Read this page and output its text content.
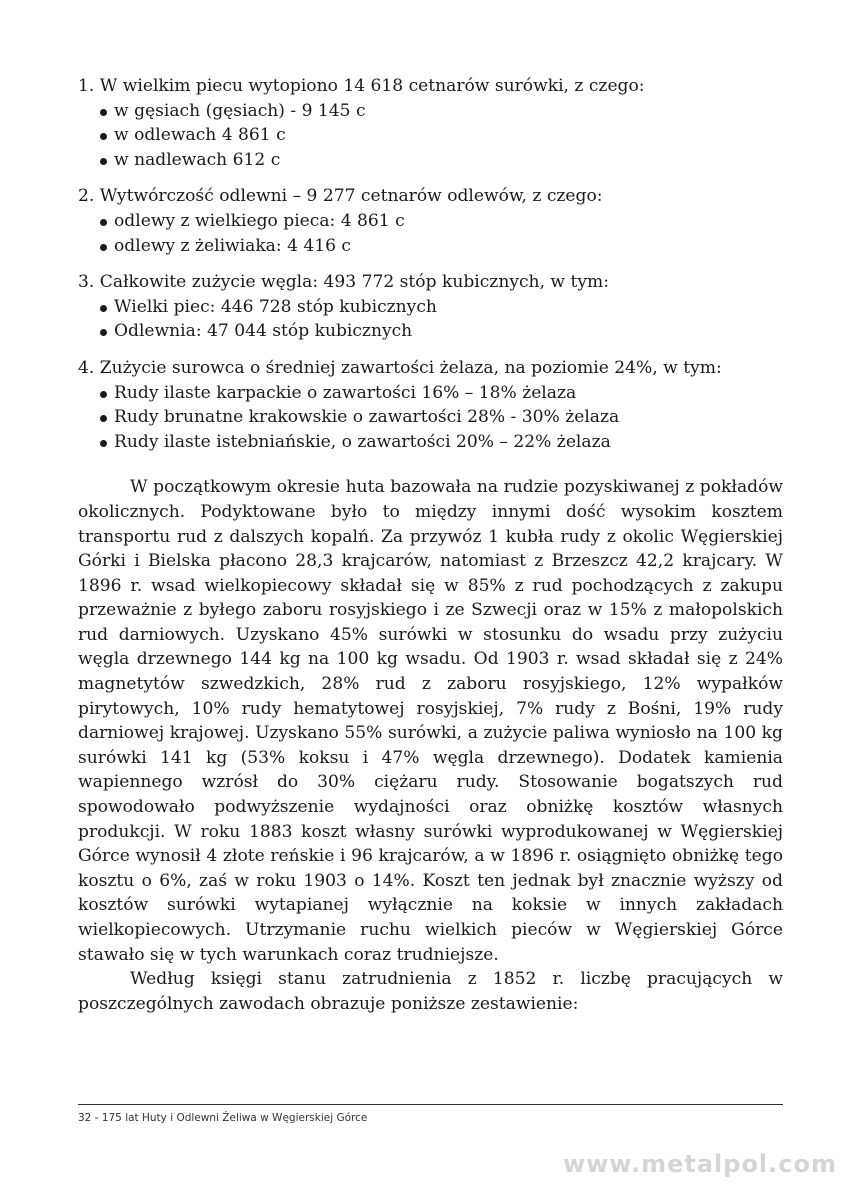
1. W wielkim piecu wytopiono 14 618 cetnarów surówki, z czego:

w gęsiach (gęsiach) - 9 145 c
w odlewach 4 861 c
w nadlewach 612 c

2. Wytwórczość odlewni – 9 277 cetnarów odlewów, z czego:

odlewy z wielkiego pieca: 4 861 c
odlewy z żeliwiaka: 4 416 c

3. Całkowite zużycie węgla: 493 772 stóp kubicznych, w tym:

Wielki piec: 446 728 stóp kubicznych
Odlewnia: 47 044 stóp kubicznych

4. Zużycie surowca o średniej zawartości żelaza, na poziomie 24%, w tym:

Rudy ilaste karpackie o zawartości 16% – 18% żelaza
Rudy brunatne krakowskie o zawartości 28% - 30% żelaza
Rudy ilaste istebniańskie, o zawartości 20% – 22% żelaza

W początkowym okresie huta bazowała na rudzie pozyskiwanej z pokładów okolicznych. Podyktowane było to między innymi dość wysokim kosztem transportu rud z dalszych kopalń. Za przywóz 1 kubła rudy z okolic Węgierskiej Górki i Bielska płacono 28,3 krajcarów, natomiast z Brzeszcz 42,2 krajcary. W 1896 r. wsad wielkopiecowy składał się w 85% z rud pochodzących z zakupu przeważnie z byłego zaboru rosyjskiego i ze Szwecji oraz w 15% z małopolskich rud darniowych. Uzyskano 45% surówki w stosunku do wsadu przy zużyciu węgla drzewnego 144 kg na 100 kg wsadu. Od 1903 r. wsad składał się z 24% magnetytów szwedzkich, 28% rud z zaboru rosyjskiego, 12% wypałków pirytowych, 10% rudy hematytowej rosyjskiej, 7% rudy z Bośni, 19% rudy darniowej krajowej. Uzyskano 55% surówki, a zużycie paliwa wyniosło na 100 kg surówki 141 kg (53% koksu i 47% węgla drzewnego). Dodatek kamienia wapiennego wzrósł do 30% ciężaru rudy. Stosowanie bogatszych rud spowodowało podwyższenie wydajności oraz obniżkę kosztów własnych produkcji. W roku 1883 koszt własny surówki wyprodukowanej w Węgierskiej Górce wynosił 4 złote reńskie i 96 krajcarów, a w 1896 r. osiągnięto obniżkę tego kosztu o 6%, zaś w roku 1903 o 14%. Koszt ten jednak był znacznie wyższy od kosztów surówki wytapianej wyłącznie na koksie w innych zakładach wielkopiecowych. Utrzymanie ruchu wielkich pieców w Węgierskiej Górce stawało się w tych warunkach coraz trudniejsze.

Według księgi stanu zatrudnienia z 1852 r. liczbę pracujących w poszczególnych zawodach obrazuje poniższe zestawienie:

32 - 175 lat Huty i Odlewni Żeliwa w Węgierskiej Górce
www.metalpol.com
